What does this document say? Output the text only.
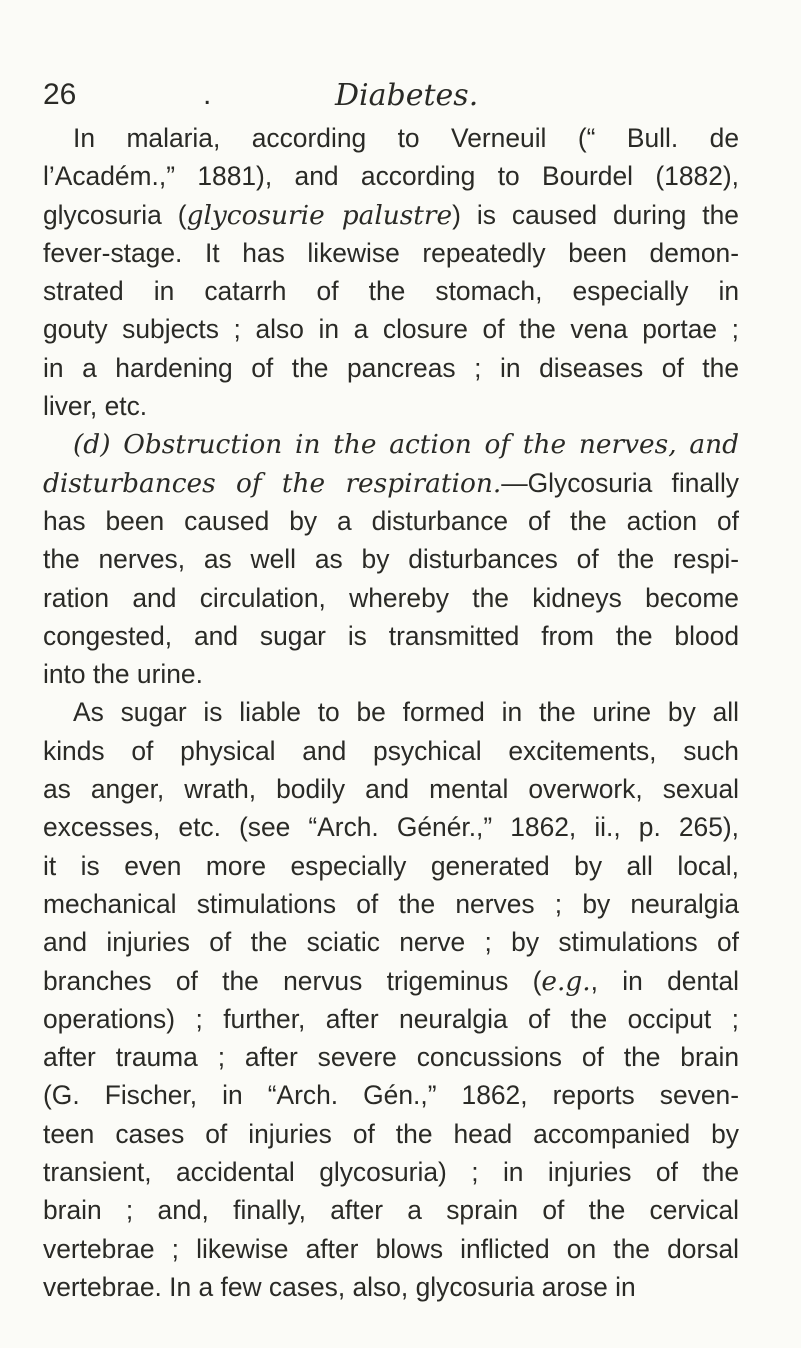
26	.	Diabetes.
In malaria, according to Verneuil (“ Bull. de
l’Académ.,” 1881), and according to Bourdel (1882),
glycosuria (glycosurie palustre) is caused during the
fever-stage. It has likewise repeatedly been demon-
strated in catarrh of the stomach, especially in
gouty subjects ; also in a closure of the vena portae ;
in a hardening of the pancreas ; in diseases of the
liver, etc.
(d) Obstruction in the action of the nerves, and
disturbances of the respiration.—Glycosuria finally
has been caused by a disturbance of the action of
the nerves, as well as by disturbances of the respi-
ration and circulation, whereby the kidneys become
congested, and sugar is transmitted from the blood
into the urine.
As sugar is liable to be formed in the urine by all
kinds of physical and psychical excitements, such
as anger, wrath, bodily and mental overwork, sexual
excesses, etc. (see “Arch. Génér.,” 1862, ii., p. 265),
it is even more especially generated by all local,
mechanical stimulations of the nerves ; by neuralgia
and injuries of the sciatic nerve ; by stimulations of
branches of the nervus trigeminus (e.g., in dental
operations) ; further, after neuralgia of the occiput ;
after trauma ; after severe concussions of the brain
(G. Fischer, in “Arch. Gén.,” 1862, reports seven-
teen cases of injuries of the head accompanied by
transient, accidental glycosuria) ; in injuries of the
brain ; and, finally, after a sprain of the cervical
vertebrae ; likewise after blows inflicted on the dorsal
vertebrae. In a few cases, also, glycosuria arose in
